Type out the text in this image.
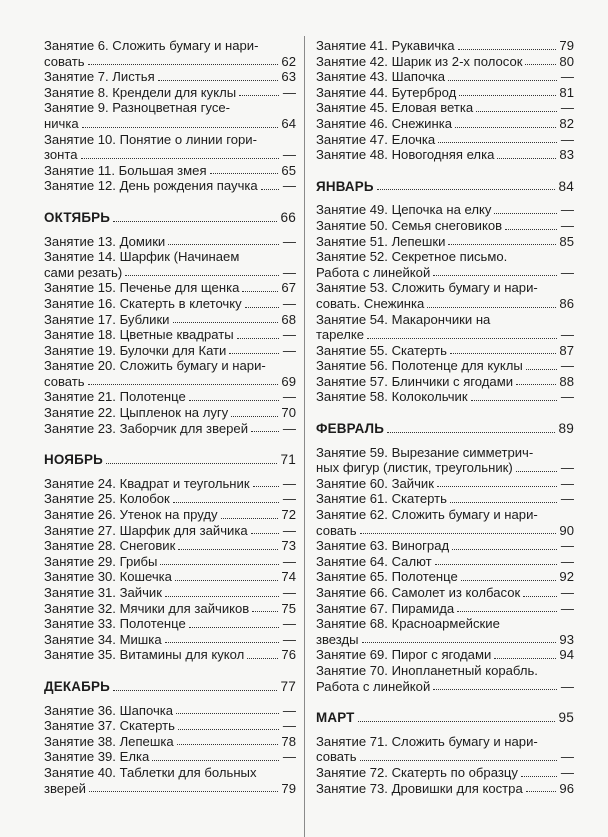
Занятие 6. Сложить бумагу и нари-
совать	62
Занятие 7. Листья	63
Занятие 8. Крендели для куклы	—
Занятие 9. Разноцветная гусе-
ничка	64
Занятие 10. Понятие о линии гори-
зонта	—
Занятие 11. Большая змея	65
Занятие 12. День рождения паучка —
ОКТЯБРЬ	66
Занятие 13. Домики	—
Занятие 14. Шарфик (Начинаем
сами резать)	—
Занятие 15. Печенье для щенка	67
Занятие 16. Скатерть в клеточку	—
Занятие 17. Бублики	68
Занятие 18. Цветные квадраты	—
Занятие 19. Булочки для Кати	—
Занятие 20. Сложить бумагу и нари-
совать	69
Занятие 21. Полотенце	—
Занятие 22. Цыпленок на лугу	70
Занятие 23. Заборчик для зверей	—
НОЯБРЬ	71
Занятие 24. Квадрат и теугольник	—
Занятие 25. Колобок	—
Занятие 26. Утенок на пруду	72
Занятие 27. Шарфик для зайчика	—
Занятие 28. Снеговик	73
Занятие 29. Грибы	—
Занятие 30. Кошечка	74
Занятие 31. Зайчик	—
Занятие 32. Мячики для зайчиков 75
Занятие 33. Полотенце	—
Занятие 34. Мишка	—
Занятие 35. Витамины для кукол	76
ДЕКАБРЬ	77
Занятие 36. Шапочка	—
Занятие 37. Скатерть	—
Занятие 38. Лепешка	78
Занятие 39. Елка	—
Занятие 40. Таблетки для больных
зверей	79
Занятие 41. Рукавичка	79
Занятие 42. Шарик из 2-х полосок	80
Занятие 43. Шапочка	—
Занятие 44. Бутерброд	81
Занятие 45. Еловая ветка	—
Занятие 46. Снежинка	82
Занятие 47. Елочка	—
Занятие 48. Новогодняя елка	83
ЯНВАРЬ	84
Занятие 49. Цепочка на елку	—
Занятие 50. Семья снеговиков	—
Занятие 51. Лепешки	85
Занятие 52. Секретное письмо.
Работа с линейкой	—
Занятие 53. Сложить бумагу и нари-
совать. Снежинка	86
Занятие 54. Макарончики на
тарелке	—
Занятие 55. Скатерть	87
Занятие 56. Полотенце для куклы	—
Занятие 57. Блинчики с ягодами	88
Занятие 58. Колокольчик	—
ФЕВРАЛЬ	89
Занятие 59. Вырезание симметрич-
ных фигур (листик, треугольник)	—
Занятие 60. Зайчик	—
Занятие 61. Скатерть	—
Занятие 62. Сложить бумагу и нари-
совать	90
Занятие 63. Виноград	—
Занятие 64. Салют	—
Занятие 65. Полотенце	92
Занятие 66. Самолет из колбасок	—
Занятие 67. Пирамида	—
Занятие 68. Красноармейские
звезды	93
Занятие 69. Пирог с ягодами	94
Занятие 70. Инопланетный корабль.
Работа с линейкой	—
МАРТ	95
Занятие 71. Сложить бумагу и нари-
совать	—
Занятие 72. Скатерть по образцу	—
Занятие 73. Дровишки для костра	96
